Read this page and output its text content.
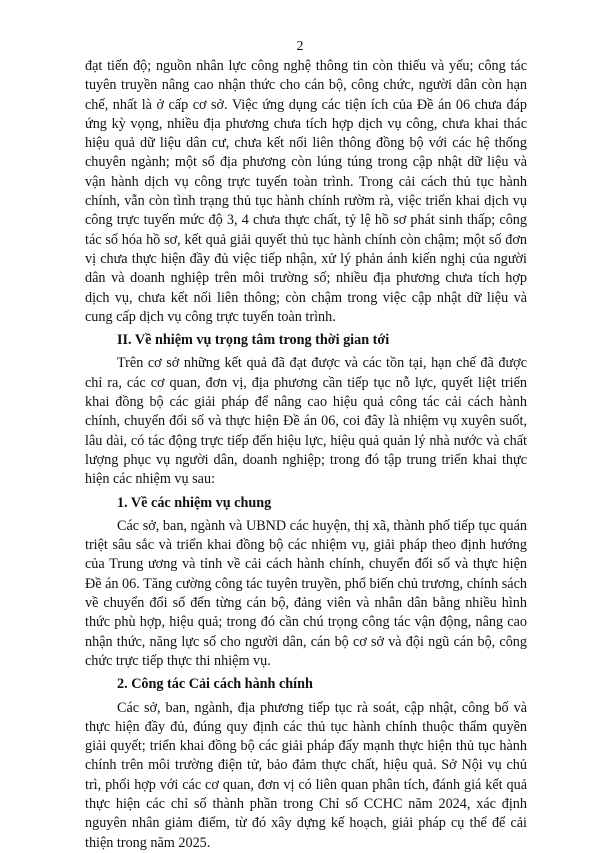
2

đạt tiến độ; nguồn nhân lực công nghệ thông tin còn thiếu và yếu; công tác tuyên truyền nâng cao nhận thức cho cán bộ, công chức, người dân còn hạn chế, nhất là ở cấp cơ sở. Việc ứng dụng các tiện ích của Đề án 06 chưa đáp ứng kỳ vọng, nhiều địa phương chưa tích hợp dịch vụ công, chưa khai thác hiệu quả dữ liệu dân cư, chưa kết nối liên thông đồng bộ với các hệ thống chuyên ngành; một số địa phương còn lúng túng trong cập nhật dữ liệu và vận hành dịch vụ công trực tuyến toàn trình. Trong cải cách thủ tục hành chính, vẫn còn tình trạng thủ tục hành chính rườm rà, việc triển khai dịch vụ công trực tuyến mức độ 3, 4 chưa thực chất, tỷ lệ hồ sơ phát sinh thấp; công tác số hóa hồ sơ, kết quả giải quyết thủ tục hành chính còn chậm; một số đơn vị chưa thực hiện đầy đủ việc tiếp nhận, xử lý phản ánh kiến nghị của người dân và doanh nghiệp trên môi trường số; nhiều địa phương chưa tích hợp dịch vụ, chưa kết nối liên thông; còn chậm trong việc cập nhật dữ liệu và cung cấp dịch vụ công trực tuyến toàn trình.

II. Về nhiệm vụ trọng tâm trong thời gian tới

Trên cơ sở những kết quả đã đạt được và các tồn tại, hạn chế đã được chỉ ra, các cơ quan, đơn vị, địa phương cần tiếp tục nỗ lực, quyết liệt triển khai đồng bộ các giải pháp để nâng cao hiệu quả công tác cải cách hành chính, chuyển đổi số và thực hiện Đề án 06, coi đây là nhiệm vụ xuyên suốt, lâu dài, có tác động trực tiếp đến hiệu lực, hiệu quả quản lý nhà nước và chất lượng phục vụ người dân, doanh nghiệp; trong đó tập trung triển khai thực hiện các nhiệm vụ sau:

1. Về các nhiệm vụ chung

Các sở, ban, ngành và UBND các huyện, thị xã, thành phố tiếp tục quán triệt sâu sắc và triển khai đồng bộ các nhiệm vụ, giải pháp theo định hướng của Trung ương và tỉnh về cải cách hành chính, chuyển đổi số và thực hiện Đề án 06. Tăng cường công tác tuyên truyền, phổ biến chủ trương, chính sách về chuyển đổi số đến từng cán bộ, đảng viên và nhân dân bằng nhiều hình thức phù hợp, hiệu quả; trong đó cần chú trọng công tác vận động, nâng cao nhận thức, năng lực số cho người dân, cán bộ cơ sở và đội ngũ cán bộ, công chức trực tiếp thực thi nhiệm vụ.

2. Công tác Cải cách hành chính

Các sở, ban, ngành, địa phương tiếp tục rà soát, cập nhật, công bố và thực hiện đầy đủ, đúng quy định các thủ tục hành chính thuộc thẩm quyền giải quyết; triển khai đồng bộ các giải pháp đẩy mạnh thực hiện thủ tục hành chính trên môi trường điện tử, bảo đảm thực chất, hiệu quả. Sở Nội vụ chủ trì, phối hợp với các cơ quan, đơn vị có liên quan phân tích, đánh giá kết quả thực hiện các chỉ số thành phần trong Chỉ số CCHC năm 2024, xác định nguyên nhân giảm điểm, từ đó xây dựng kế hoạch, giải pháp cụ thể để cải thiện trong năm 2025.
